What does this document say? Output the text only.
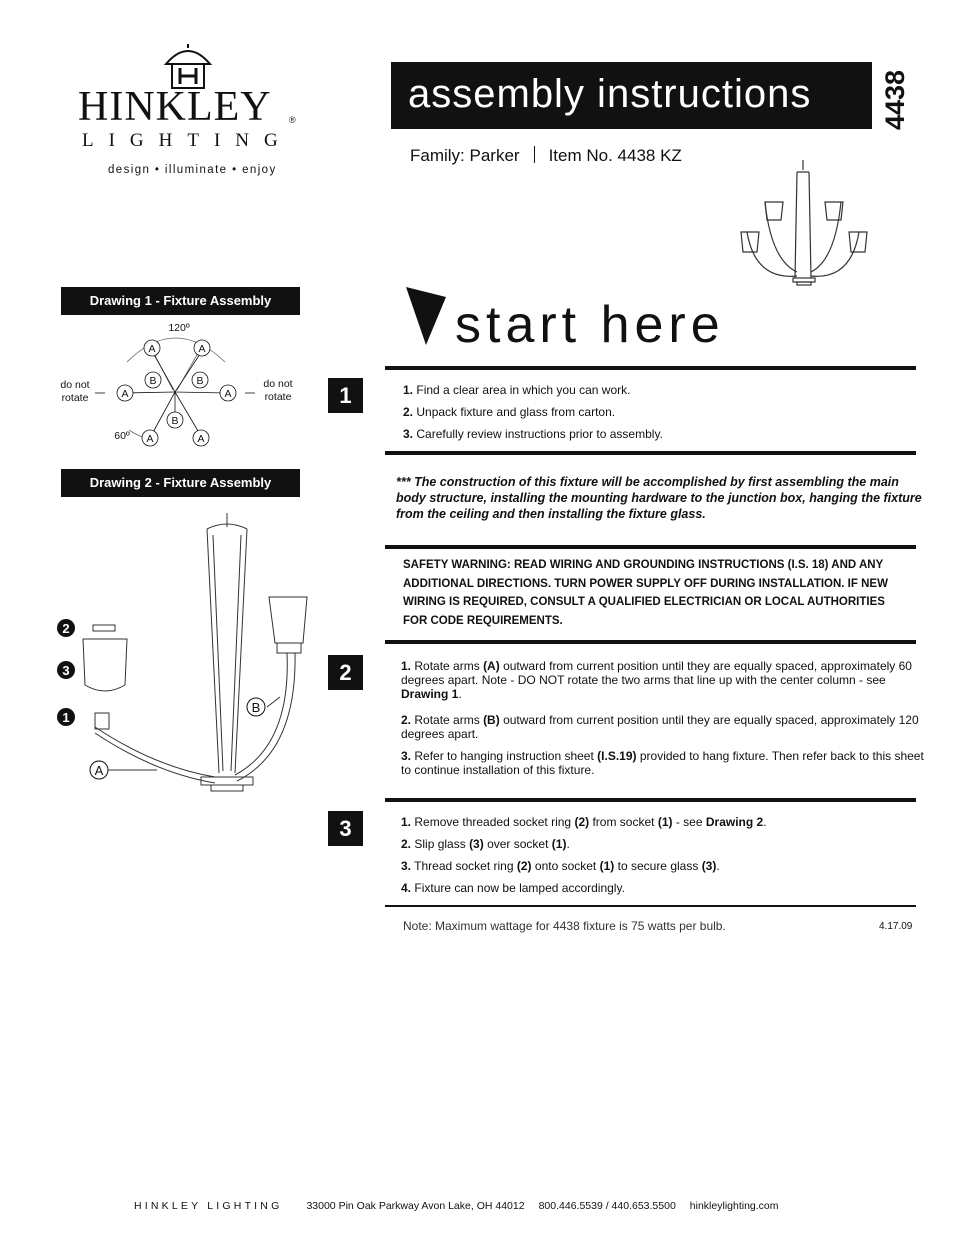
HINKLEY ®
LIGHTING
design • illuminate • enjoy
assembly instructions	4438
Family: Parker Item No. 4438 KZ
start here
Drawing 1 - Fixture Assembly
120º
60º
do not
rotate
do not
rotate
A	A
B	B
A	A
B
A	A
Drawing 2 - Fixture Assembly
2
3
1
A
B
1	1. Find a clear area in which you can work.

2. Unpack fixture and glass from carton.

3. Carefully review instructions prior to assembly.

*** The construction of this fixture will be accomplished by first assembling the main body structure, installing the mounting hardware to the junction box, hanging the fixture from the ceiling and then installing the fixture glass.
SAFETY WARNING: READ WIRING AND GROUNDING INSTRUCTIONS (I.S. 18) AND ANY ADDITIONAL DIRECTIONS. TURN POWER SUPPLY OFF DURING INSTALLATION. IF NEW WIRING IS REQUIRED, CONSULT A QUALIFIED ELECTRICIAN OR LOCAL AUTHORITIES FOR CODE REQUIREMENTS.
2	1. Rotate arms (A) outward from current position until they are equally spaced, approximately 60 degrees apart. Note - DO NOT rotate the two arms that line up with the center column - see Drawing 1.

2. Rotate arms (B) outward from current position until they are equally spaced, approximately 120 degrees apart.

3. Refer to hanging instruction sheet (I.S.19) provided to hang fixture. Then refer back to this sheet to continue installation of this fixture.

3	1. Remove threaded socket ring (2) from socket (1) - see Drawing 2.

2. Slip glass (3) over socket (1).

3. Thread socket ring (2) onto socket (1) to secure glass (3).

4. Fixture can now be lamped accordingly.

Note: Maximum wattage for 4438 fixture is 75 watts per bulb.	4.17.09
HINKLEY LIGHTING 33000 Pin Oak Parkway Avon Lake, OH 44012 800.446.5539 / 440.653.5500 hinkleylighting.com
